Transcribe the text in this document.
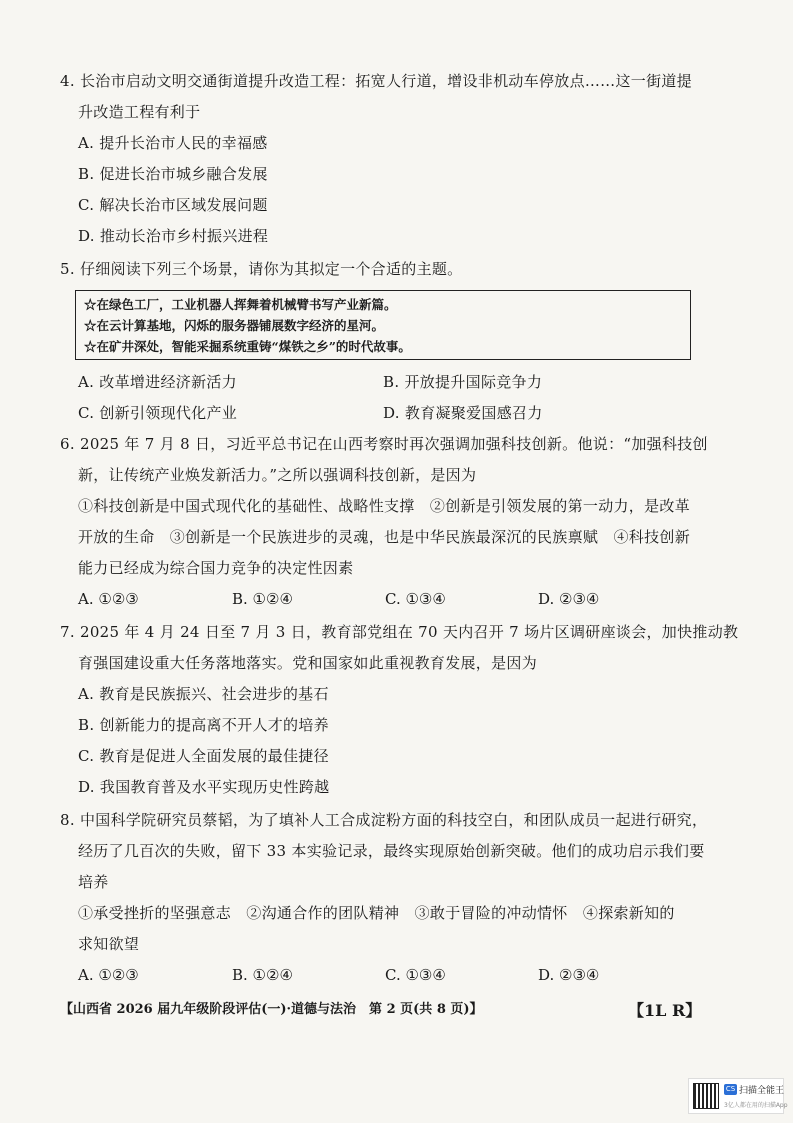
4. 长治市启动文明交通街道提升改造工程：拓宽人行道，增设非机动车停放点……这一街道提
升改造工程有利于
A. 提升长治市人民的幸福感
B. 促进长治市城乡融合发展
C. 解决长治市区域发展问题
D. 推动长治市乡村振兴进程
5. 仔细阅读下列三个场景，请你为其拟定一个合适的主题。
☆在绿色工厂，工业机器人挥舞着机械臂书写产业新篇。
☆在云计算基地，闪烁的服务器铺展数字经济的星河。
☆在矿井深处，智能采掘系统重铸“煤铁之乡”的时代故事。
A. 改革增进经济新活力	B. 开放提升国际竞争力
C. 创新引领现代化产业	D. 教育凝聚爱国感召力
6. 2025 年 7 月 8 日，习近平总书记在山西考察时再次强调加强科技创新。他说：“加强科技创
新，让传统产业焕发新活力。”之所以强调科技创新，是因为
①科技创新是中国式现代化的基础性、战略性支撑　②创新是引领发展的第一动力，是改革
开放的生命　③创新是一个民族进步的灵魂，也是中华民族最深沉的民族禀赋　④科技创新
能力已经成为综合国力竞争的决定性因素
A. ①②③	B. ①②④	C. ①③④	D. ②③④
7. 2025 年 4 月 24 日至 7 月 3 日，教育部党组在 70 天内召开 7 场片区调研座谈会，加快推动教
育强国建设重大任务落地落实。党和国家如此重视教育发展，是因为
A. 教育是民族振兴、社会进步的基石
B. 创新能力的提高离不开人才的培养
C. 教育是促进人全面发展的最佳捷径
D. 我国教育普及水平实现历史性跨越
8. 中国科学院研究员蔡韬，为了填补人工合成淀粉方面的科技空白，和团队成员一起进行研究，
经历了几百次的失败，留下 33 本实验记录，最终实现原始创新突破。他们的成功启示我们要
培养
①承受挫折的坚强意志　②沟通合作的团队精神　③敢于冒险的冲动情怀　④探索新知的
求知欲望
A. ①②③	B. ①②④	C. ①③④	D. ②③④
【山西省 2026 届九年级阶段评估(一)·道德与法治　第 2 页(共 8 页)】	【1L R】
CS 扫描全能王
3亿人都在用的扫描App
